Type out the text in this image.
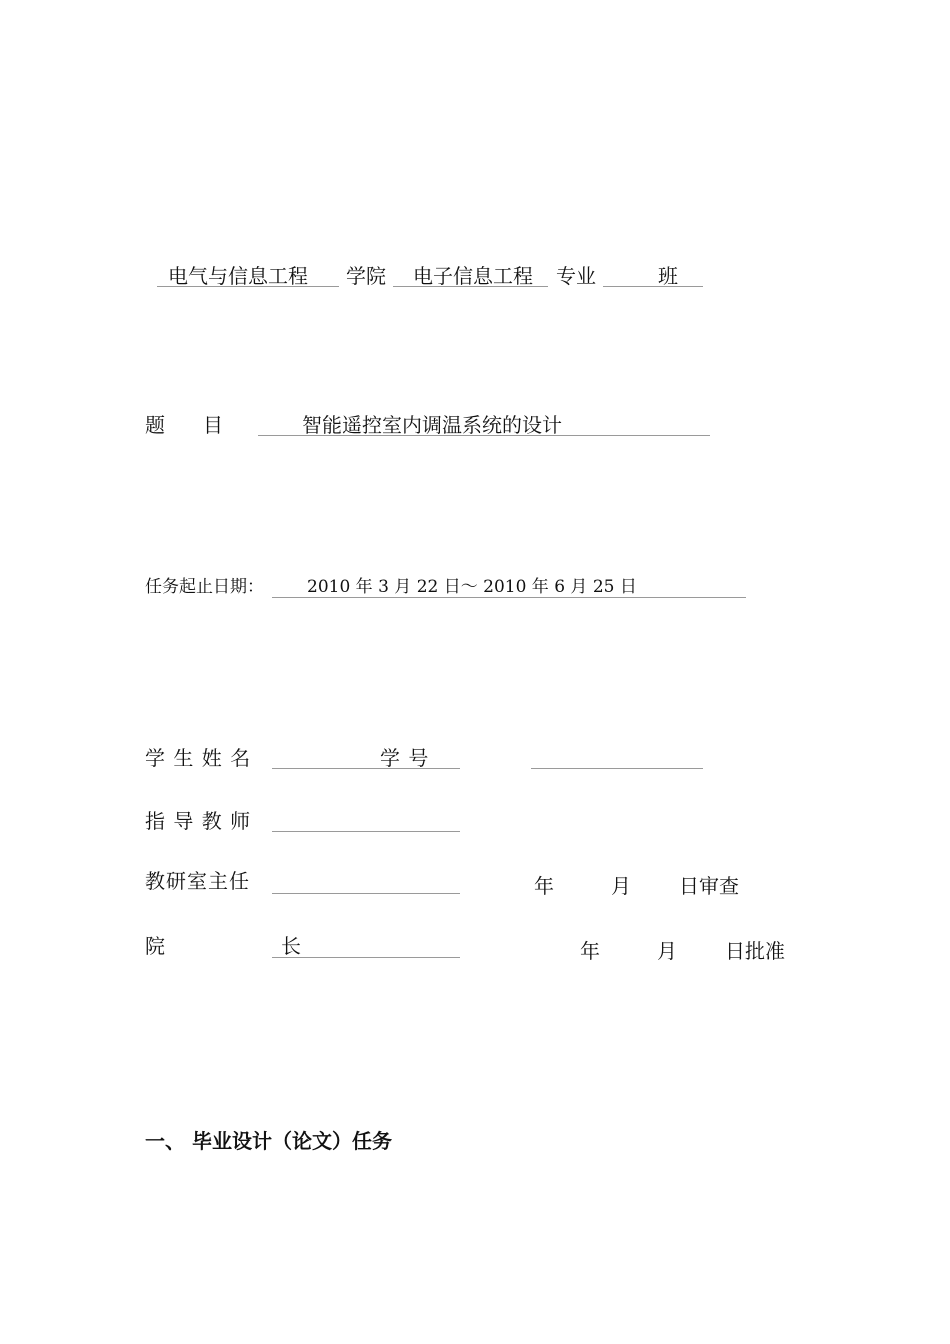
电气与信息工程 学院 电子信息工程 专业	班
题 目	智能遥控室内调温系统的设计
任务起止日期：	2010 年 3 月 22 日～ 2010 年 6 月 25 日
学 生 姓 名	学 号
指 导 教 师
教研室主任	年	月 日审查
院	长	年	月 日批准
一、 毕业设计（论文）任务
